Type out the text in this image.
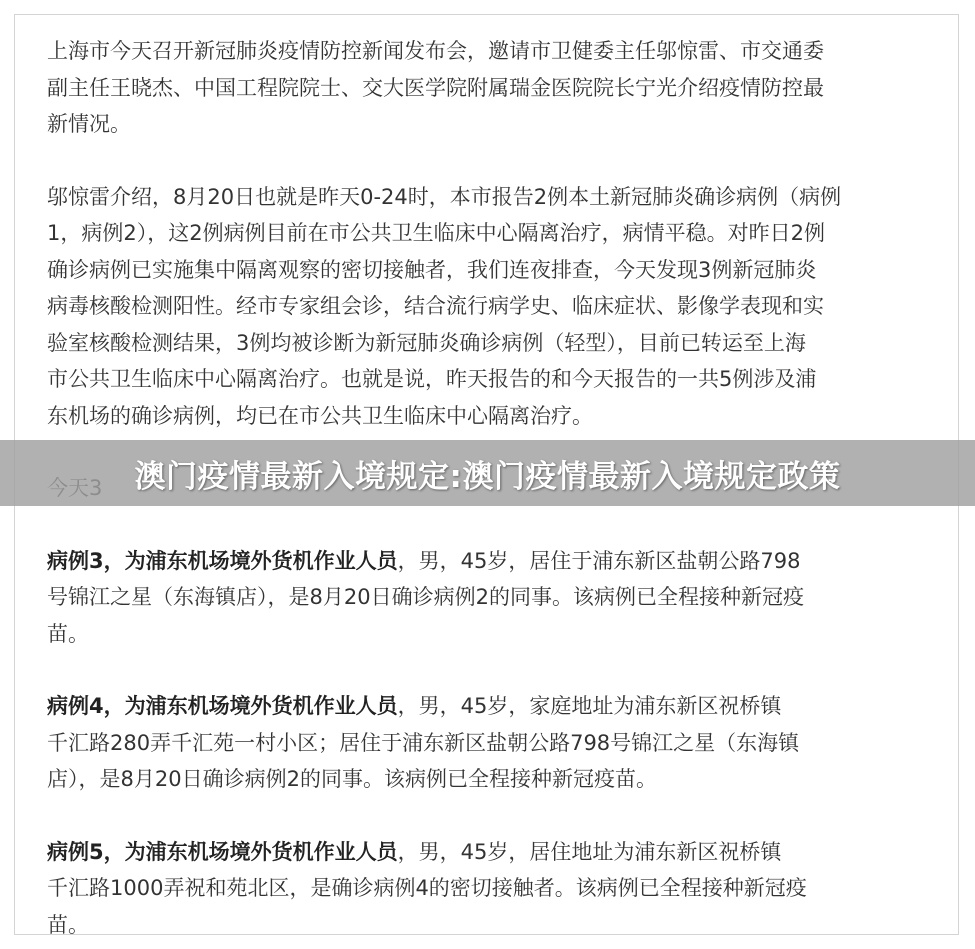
上海市今天召开新冠肺炎疫情防控新闻发布会，邀请市卫健委主任邬惊雷、市交通委
副主任王晓杰、中国工程院院士、交大医学院附属瑞金医院院长宁光介绍疫情防控最
新情况。

邬惊雷介绍，8月20日也就是昨天0-24时，本市报告2例本土新冠肺炎确诊病例（病例
1，病例2），这2例病例目前在市公共卫生临床中心隔离治疗，病情平稳。对昨日2例
确诊病例已实施集中隔离观察的密切接触者，我们连夜排查，今天发现3例新冠肺炎
病毒核酸检测阳性。经市专家组会诊，结合流行病学史、临床症状、影像学表现和实
验室核酸检测结果，3例均被诊断为新冠肺炎确诊病例（轻型），目前已转运至上海
市公共卫生临床中心隔离治疗。也就是说，昨天报告的和今天报告的一共5例涉及浦
东机场的确诊病例，均已在市公共卫生临床中心隔离治疗。

病例3，为浦东机场境外货机作业人员，男，45岁，居住于浦东新区盐朝公路798
号锦江之星（东海镇店），是8月20日确诊病例2的同事。该病例已全程接种新冠疫
苗。

病例4，为浦东机场境外货机作业人员，男，45岁，家庭地址为浦东新区祝桥镇
千汇路280弄千汇苑一村小区；居住于浦东新区盐朝公路798号锦江之星（东海镇
店），是8月20日确诊病例2的同事。该病例已全程接种新冠疫苗。

病例5，为浦东机场境外货机作业人员，男，45岁，居住地址为浦东新区祝桥镇
千汇路1000弄祝和苑北区，是确诊病例4的密切接触者。该病例已全程接种新冠疫
苗。

澳门疫情最新入境规定:澳门疫情最新入境规定政策
